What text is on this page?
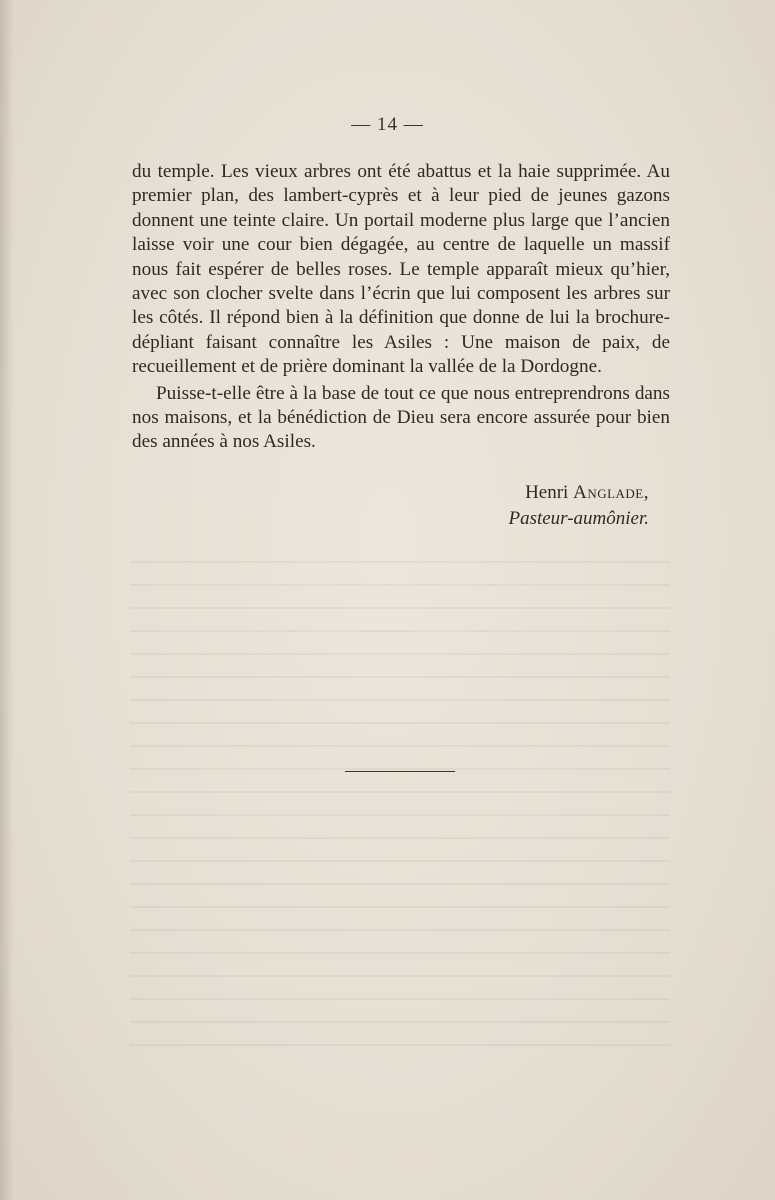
— 14 —

du temple. Les vieux arbres ont été abattus et la haie supprimée. Au premier plan, des lambert-cyprès et à leur pied de jeunes gazons donnent une teinte claire. Un portail moderne plus large que l’ancien laisse voir une cour bien dégagée, au centre de laquelle un massif nous fait espérer de belles roses. Le temple apparaît mieux qu’hier, avec son clocher svelte dans l’écrin que lui composent les arbres sur les côtés. Il répond bien à la définition que donne de lui la brochure-dépliant faisant connaître les Asiles : Une maison de paix, de recueillement et de prière dominant la vallée de la Dordogne.

Puisse-t-elle être à la base de tout ce que nous entreprendrons dans nos maisons, et la bénédiction de Dieu sera encore assurée pour bien des années à nos Asiles.

Henri Anglade,
Pasteur-aumônier.
